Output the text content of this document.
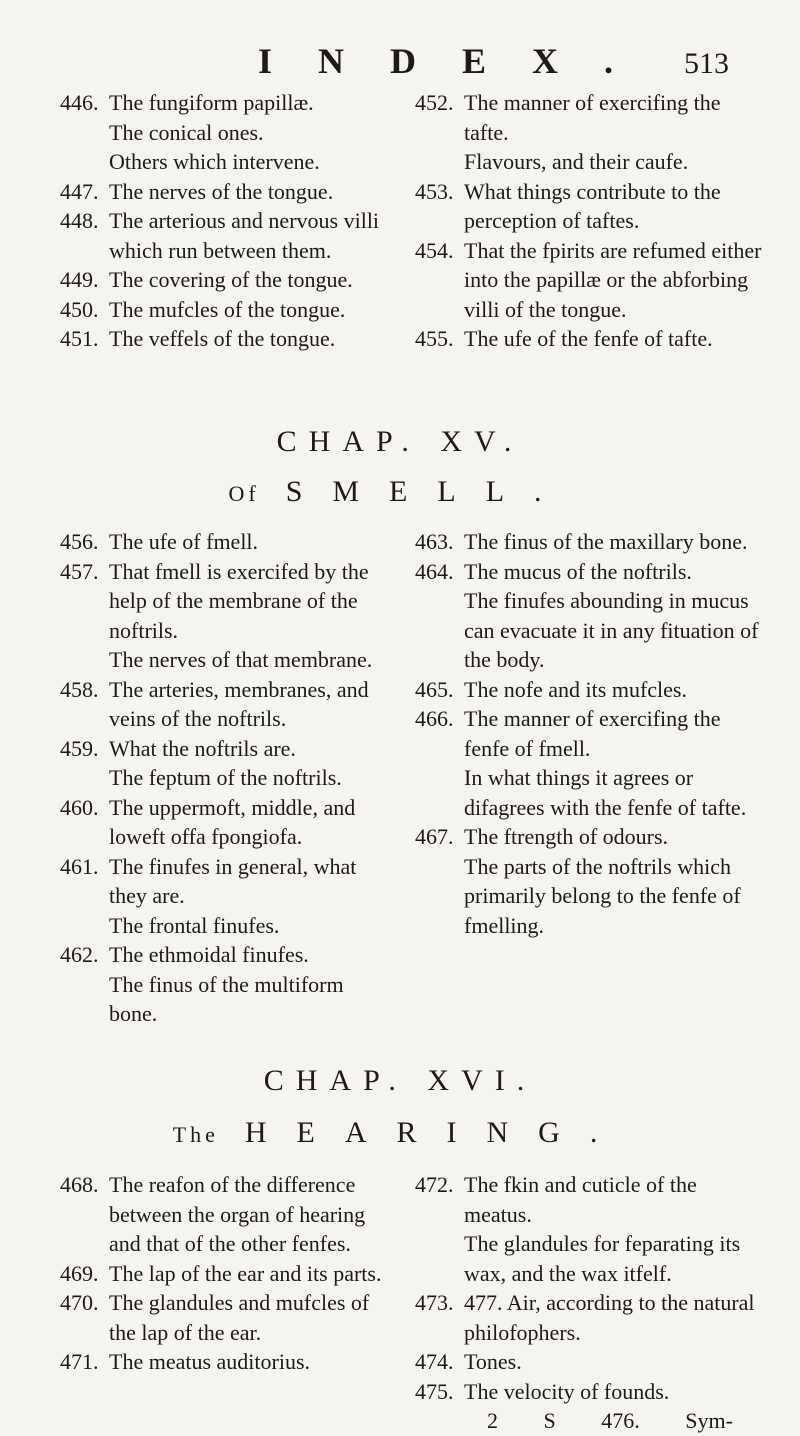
INDEX. 513
446. The fungiform papillæ.
The conical ones.
Others which intervene.
447. The nerves of the tongue.
448. The arterious and nervous villi which run between them.
449. The covering of the tongue.
450. The mufcles of the tongue.
451. The veffels of the tongue.
452. The manner of exercifing the tafte.
Flavours, and their caufe.
453. What things contribute to the perception of taftes.
454. That the fpirits are refumed either into the papillæ or the abforbing villi of the tongue.
455. The ufe of the fenfe of tafte.
CHAP. XV.
Of SMELL.
456. The ufe of fmell.
457. That fmell is exercifed by the help of the membrane of the noftrils.
The nerves of that membrane.
458. The arteries, membranes, and veins of the noftrils.
459. What the noftrils are.
The feptum of the noftrils.
460. The uppermoft, middle, and loweft offa fpongiofa.
461. The finufes in general, what they are.
The frontal finufes.
462. The ethmoidal finufes.
The finus of the multiform bone.
463. The finus of the maxillary bone.
464. The mucus of the noftrils.
The finufes abounding in mucus can evacuate it in any fituation of the body.
465. The nofe and its mufcles.
466. The manner of exercifing the fenfe of fmell.
In what things it agrees or difagrees with the fenfe of tafte.
467. The ftrength of odours.
The parts of the noftrils which primarily belong to the fenfe of fmelling.
CHAP. XVI.
The HEARING.
468. The reafon of the difference between the organ of hearing and that of the other fenfes.
469. The lap of the ear and its parts.
470. The glandules and mufcles of the lap of the ear.
471. The meatus auditorius.
472. The fkin and cuticle of the meatus.
The glandules for feparating its wax, and the wax itfelf.
473. 477. Air, according to the natural philofophers.
474. Tones.
475. The velocity of founds.
2 S 476. Sym-
